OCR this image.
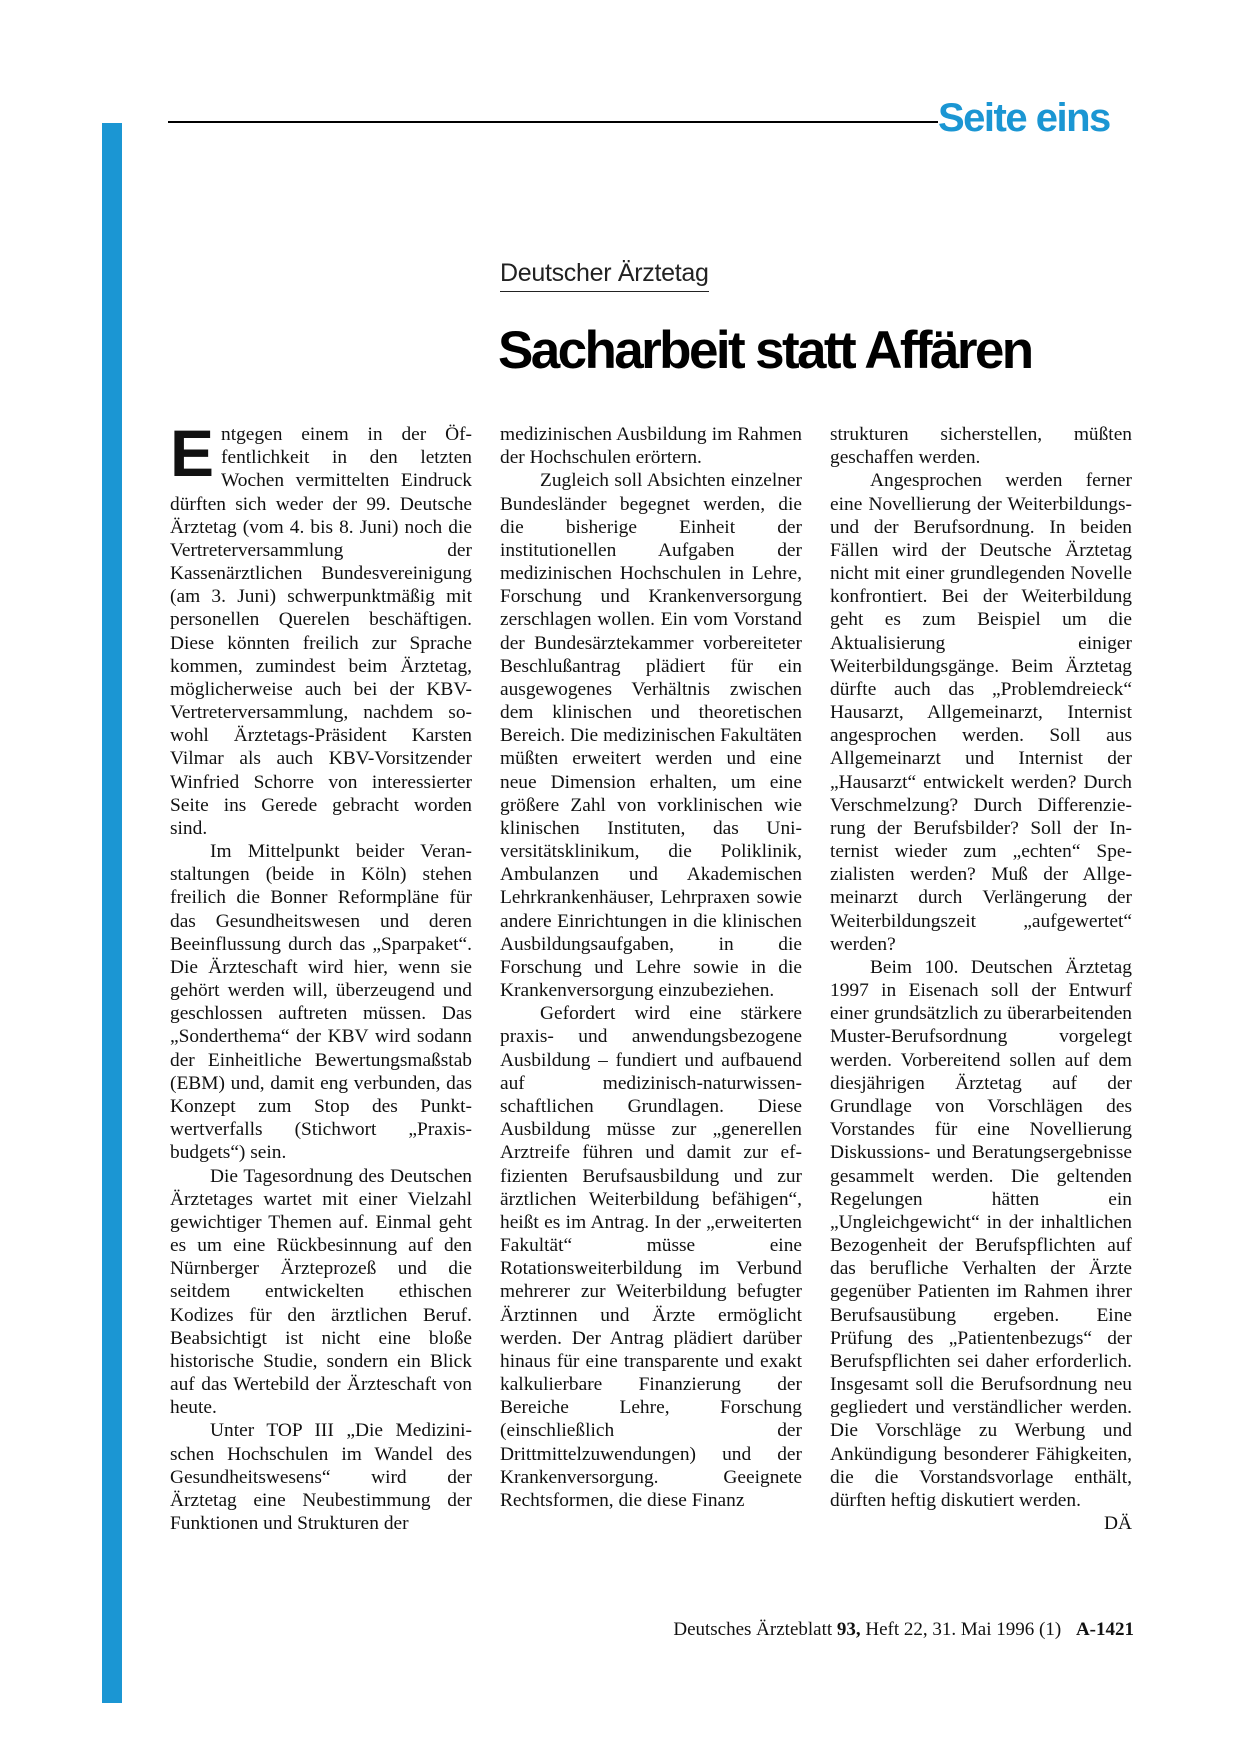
Seite eins
Deutscher Ärztetag
Sacharbeit statt Affären

Entgegen einem in der Öffentlichkeit in den letzten Wochen vermittelten Eindruck dürften sich weder der 99. Deutsche Ärztetag (vom 4. bis 8. Juni) noch die Vertreterversammlung der Kassenärztlichen Bundesvereinigung (am 3. Juni) schwerpunktmäßig mit personellen Querelen beschäftigen. Diese könnten freilich zur Sprache kommen, zumindest beim Ärztetag, möglicherweise auch bei der KBV-Vertreterversammlung, nachdem sowohl Ärztetags-Präsident Karsten Vilmar als auch KBV-Vorsitzender Winfried Schorre von interessierter Seite ins Gerede gebracht worden sind.

Im Mittelpunkt beider Veranstaltungen (beide in Köln) stehen freilich die Bonner Reformpläne für das Gesundheitswesen und deren Beeinflussung durch das „Sparpaket“. Die Ärzteschaft wird hier, wenn sie gehört werden will, überzeugend und geschlossen auftreten müssen. Das „Sonderthema“ der KBV wird sodann der Einheitliche Bewertungsmaßstab (EBM) und, damit eng verbunden, das Konzept zum Stop des Punktwertverfalls (Stichwort „Praxisbudgets“) sein.

Die Tagesordnung des Deutschen Ärztetages wartet mit einer Vielzahl gewichtiger Themen auf. Einmal geht es um eine Rückbesinnung auf den Nürnberger Ärzteprozeß und die seitdem entwickelten ethischen Kodizes für den ärztlichen Beruf. Beabsichtigt ist nicht eine bloße historische Studie, sondern ein Blick auf das Wertebild der Ärzteschaft von heute.

Unter TOP III „Die Medizinischen Hochschulen im Wandel des Gesundheitswesens“ wird der Ärztetag eine Neubestimmung der Funktionen und Strukturen der

medizinischen Ausbildung im Rahmen der Hochschulen erörtern.

Zugleich soll Absichten einzelner Bundesländer begegnet werden, die die bisherige Einheit der institutionellen Aufgaben der medizinischen Hochschulen in Lehre, Forschung und Krankenversorgung zerschlagen wollen. Ein vom Vorstand der Bundesärztekammer vorbereiteter Beschlußantrag plädiert für ein ausgewogenes Verhältnis zwischen dem klinischen und theoretischen Bereich. Die medizinischen Fakultäten müßten erweitert werden und eine neue Dimension erhalten, um eine größere Zahl von vorklinischen wie klinischen Instituten, das Universitätsklinikum, die Poliklinik, Ambulanzen und Akademischen Lehrkrankenhäuser, Lehrpraxen sowie andere Einrichtungen in die klinischen Ausbildungsaufgaben, in die Forschung und Lehre sowie in die Krankenversorgung einzubeziehen.

Gefordert wird eine stärkere praxis- und anwendungsbezogene Ausbildung – fundiert und aufbauend auf medizinisch-naturwissenschaftlichen Grundlagen. Diese Ausbildung müsse zur „generellen Arztreife führen und damit zur effizienten Berufsausbildung und zur ärztlichen Weiterbildung befähigen“, heißt es im Antrag. In der „erweiterten Fakultät“ müsse eine Rotationsweiterbildung im Verbund mehrerer zur Weiterbildung befugter Ärztinnen und Ärzte ermöglicht werden. Der Antrag plädiert darüber hinaus für eine transparente und exakt kalkulierbare Finanzierung der Bereiche Lehre, Forschung (einschließlich der Drittmittelzuwendungen) und der Krankenversorgung. Geeignete Rechtsformen, die diese Finanz

strukturen sicherstellen, müßten geschaffen werden.

Angesprochen werden ferner eine Novellierung der Weiterbildungs- und der Berufsordnung. In beiden Fällen wird der Deutsche Ärztetag nicht mit einer grundlegenden Novelle konfrontiert. Bei der Weiterbildung geht es zum Beispiel um die Aktualisierung einiger Weiterbildungsgänge. Beim Ärztetag dürfte auch das „Problemdreieck“ Hausarzt, Allgemeinarzt, Internist angesprochen werden. Soll aus Allgemeinarzt und Internist der „Hausarzt“ entwickelt werden? Durch Verschmelzung? Durch Differenzierung der Berufsbilder? Soll der Internist wieder zum „echten“ Spezialisten werden? Muß der Allgemeinarzt durch Verlängerung der Weiterbildungszeit „aufgewertet“ werden?

Beim 100. Deutschen Ärztetag 1997 in Eisenach soll der Entwurf einer grundsätzlich zu überarbeitenden Muster-Berufsordnung vorgelegt werden. Vorbereitend sollen auf dem diesjährigen Ärztetag auf der Grundlage von Vorschlägen des Vorstandes für eine Novellierung Diskussions- und Beratungsergebnisse gesammelt werden. Die geltenden Regelungen hätten ein „Ungleichgewicht“ in der inhaltlichen Bezogenheit der Berufspflichten auf das berufliche Verhalten der Ärzte gegenüber Patienten im Rahmen ihrer Berufsausübung ergeben. Eine Prüfung des „Patientenbezugs“ der Berufspflichten sei daher erforderlich. Insgesamt soll die Berufsordnung neu gegliedert und verständlicher werden. Die Vorschläge zu Werbung und Ankündigung besonderer Fähigkeiten, die die Vorstandsvorlage enthält, dürften heftig diskutiert werden.
DÄ

Deutsches Ärzteblatt 93, Heft 22, 31. Mai 1996 (1) A-1421
